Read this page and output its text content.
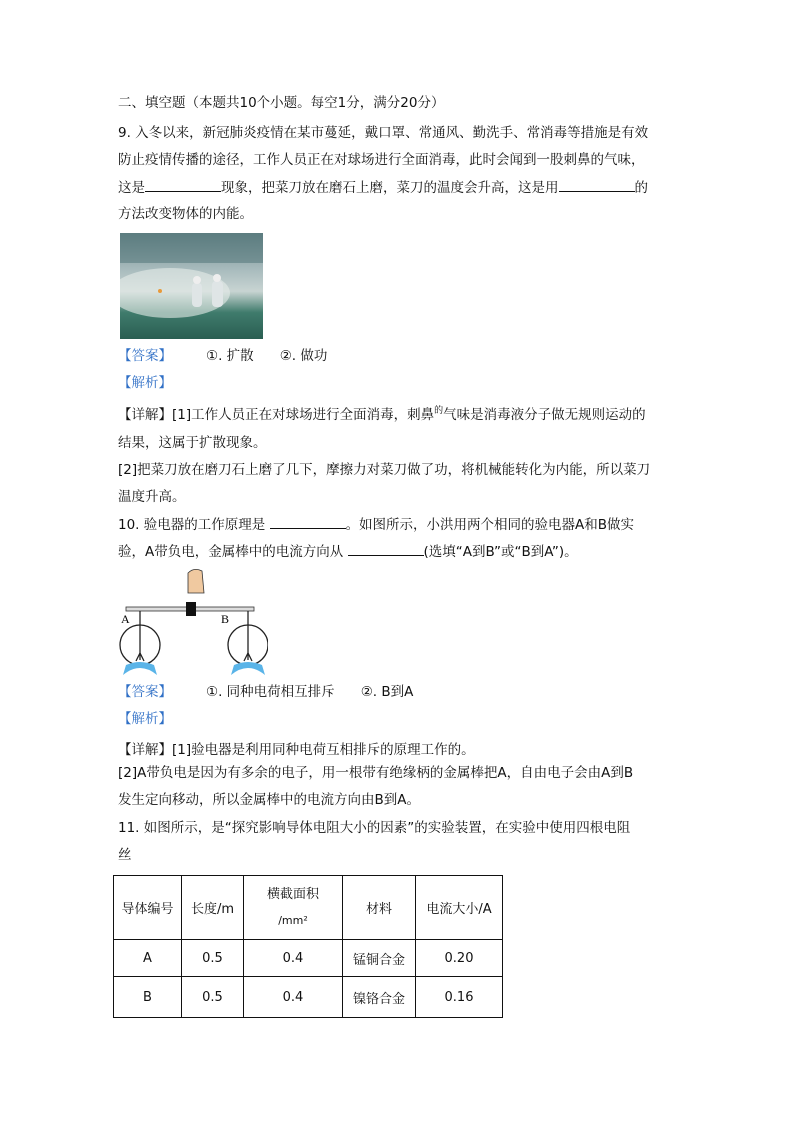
二、填空题（本题共10个小题。每空1分，满分20分）
9. 入冬以来，新冠肺炎疫情在某市蔓延，戴口罩、常通风、勤洗手、常消毒等措施是有效
防止疫情传播的途径，工作人员正在对球场进行全面消毒，此时会闻到一股刺鼻的气味，
这是	现象，把菜刀放在磨石上磨，菜刀的温度会升高，这是用	的
方法改变物体的内能。
【答案】	①. 扩散 ②. 做功
【解析】
【详解】[1]工作人员正在对球场进行全面消毒，刺鼻$^的$气味是消毒液分子做无规则运动的
结果，这属于扩散现象。
[2]把菜刀放在磨刀石上磨了几下，摩擦力对菜刀做了功，将机械能转化为内能，所以菜刀
温度升高。
10. 验电器的工作原理是	。如图所示，小洪用两个相同的验电器A和B做实
验，A带负电，金属棒中的电流方向从	(选填“A到B”或“B到A”)。
A	B
【答案】	①. 同种电荷相互排斥 ②. B到A
【解析】
【详解】[1]验电器是利用同种电荷互相排斥的原理工作的。
[2]A带负电是因为有多余的电子，用一根带有绝缘柄的金属棒把A，自由电子会由A到B
发生定向移动，所以金属棒中的电流方向由B到A。
11. 如图所示，是“探究影响导体电阻大小的因素”的实验装置，在实验中使用四根电阻
丝
导体编号	长度/m	横截面积
/mm²	材料	电流大小/A
A	0.5	0.4	锰铜合金	0.20
B	0.5	0.4	镍铬合金	0.16
